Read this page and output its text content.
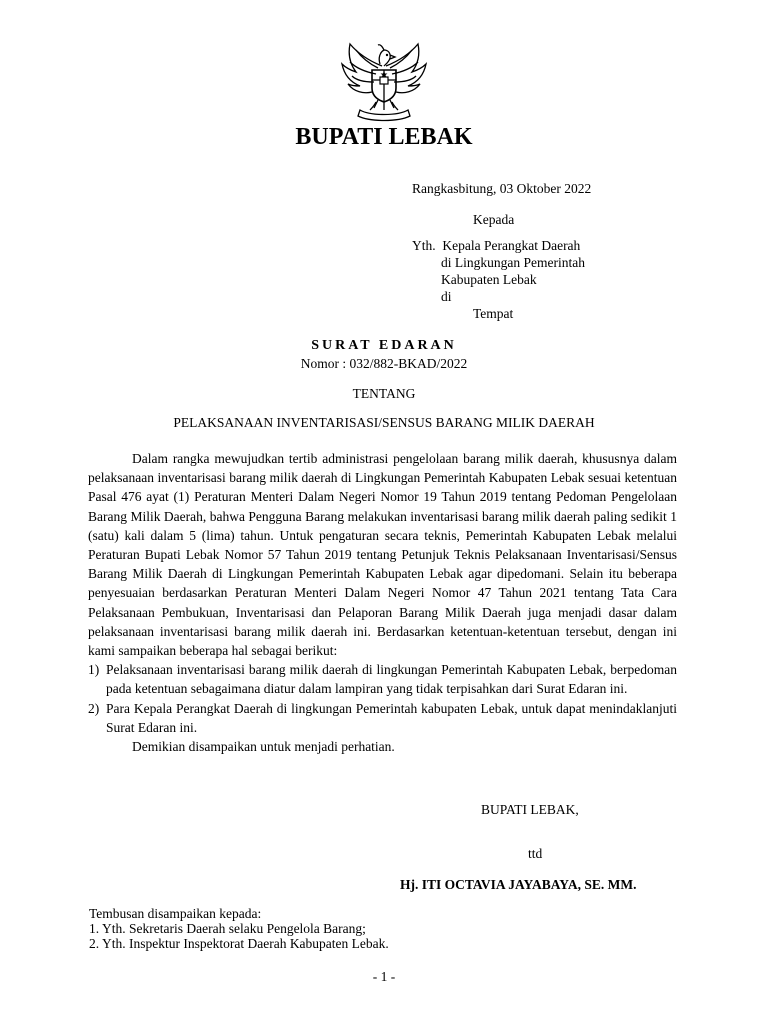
BUPATI LEBAK
Rangkasbitung, 03 Oktober 2022
Kepada
Yth.  Kepala Perangkat Daerah
di Lingkungan Pemerintah
Kabupaten Lebak
di
Tempat
SURAT EDARAN
Nomor : 032/882-BKAD/2022
TENTANG
PELAKSANAAN INVENTARISASI/SENSUS BARANG MILIK DAERAH

Dalam rangka mewujudkan tertib administrasi pengelolaan barang milik daerah, khususnya dalam pelaksanaan inventarisasi barang milik daerah di Lingkungan Pemerintah Kabupaten Lebak sesuai ketentuan Pasal 476 ayat (1) Peraturan Menteri Dalam Negeri Nomor 19 Tahun 2019 tentang Pedoman Pengelolaan Barang Milik Daerah, bahwa Pengguna Barang melakukan inventarisasi barang milik daerah paling sedikit 1 (satu) kali dalam 5 (lima) tahun. Untuk pengaturan secara teknis, Pemerintah Kabupaten Lebak melalui Peraturan Bupati Lebak Nomor 57 Tahun 2019 tentang Petunjuk Teknis Pelaksanaan Inventarisasi/Sensus Barang Milik Daerah di Lingkungan Pemerintah Kabupaten Lebak agar dipedomani. Selain itu beberapa penyesuaian berdasarkan Peraturan Menteri Dalam Negeri Nomor 47 Tahun 2021 tentang Tata Cara Pelaksanaan Pembukuan, Inventarisasi dan Pelaporan Barang Milik Daerah juga menjadi dasar dalam pelaksanaan inventarisasi barang milik daerah ini. Berdasarkan ketentuan-ketentuan tersebut, dengan ini kami sampaikan beberapa hal sebagai berikut:

1) Pelaksanaan inventarisasi barang milik daerah di lingkungan Pemerintah Kabupaten Lebak, berpedoman pada ketentuan sebagaimana diatur dalam lampiran yang tidak terpisahkan dari Surat Edaran ini.
2) Para Kepala Perangkat Daerah di lingkungan Pemerintah kabupaten Lebak, untuk dapat menindaklanjuti Surat Edaran ini.

Demikian disampaikan untuk menjadi perhatian.

BUPATI LEBAK,
ttd
Hj. ITI OCTAVIA JAYABAYA, SE. MM.
Tembusan disampaikan kepada:
1. Yth. Sekretaris Daerah selaku Pengelola Barang;
2. Yth. Inspektur Inspektorat Daerah Kabupaten Lebak.
- 1 -
